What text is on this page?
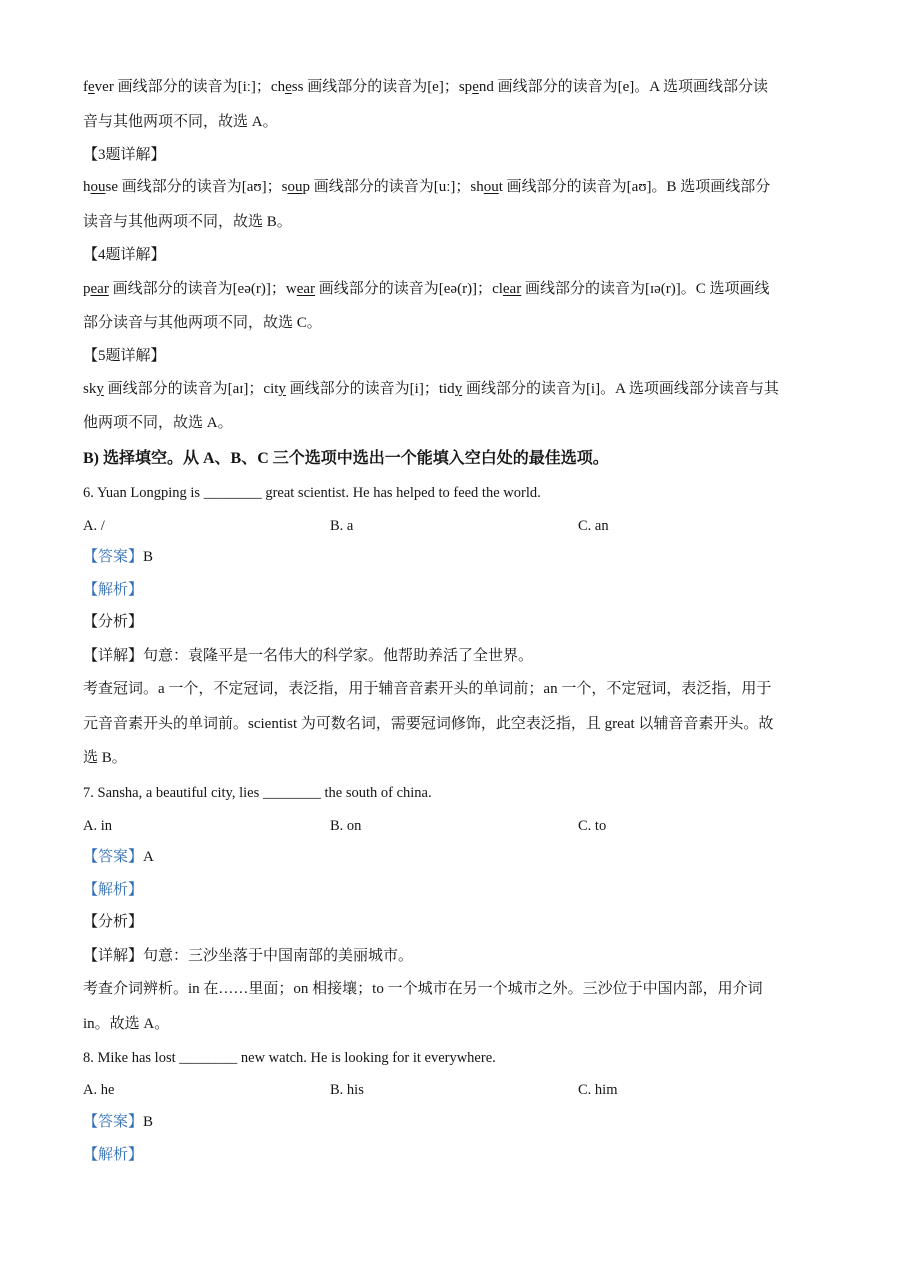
fever 画线部分的读音为[iː]；chess 画线部分的读音为[e]；spend 画线部分的读音为[e]。A 选项画线部分读
音与其他两项不同，故选 A。
【3题详解】
house 画线部分的读音为[aʊ]；soup 画线部分的读音为[uː]；shout 画线部分的读音为[aʊ]。B 选项画线部分
读音与其他两项不同，故选 B。
【4题详解】
pear 画线部分的读音为[eə(r)]；wear 画线部分的读音为[eə(r)]；clear 画线部分的读音为[ɪə(r)]。C 选项画线
部分读音与其他两项不同，故选 C。
【5题详解】
sky 画线部分的读音为[aɪ]；city 画线部分的读音为[i]；tidy 画线部分的读音为[i]。A 选项画线部分读音与其
他两项不同，故选 A。
B) 选择填空。从 A、B、C 三个选项中选出一个能填入空白处的最佳选项。
6. Yuan Longping is ________ great scientist. He has helped to feed the world.
A. /	B. a	C. an
【答案】B
【解析】
【分析】
【详解】句意：袁隆平是一名伟大的科学家。他帮助养活了全世界。
考查冠词。a 一个，不定冠词，表泛指，用于辅音音素开头的单词前；an 一个，不定冠词，表泛指，用于
元音音素开头的单词前。scientist 为可数名词，需要冠词修饰，此空表泛指，且 great 以辅音音素开头。故
选 B。
7. Sansha, a beautiful city, lies ________ the south of china.
A. in	B. on	C. to
【答案】A
【解析】
【分析】
【详解】句意：三沙坐落于中国南部的美丽城市。
考查介词辨析。in 在……里面；on 相接壤；to 一个城市在另一个城市之外。三沙位于中国内部，用介词
in。故选 A。
8. Mike has lost ________ new watch. He is looking for it everywhere.
A. he	B. his	C. him
【答案】B
【解析】
